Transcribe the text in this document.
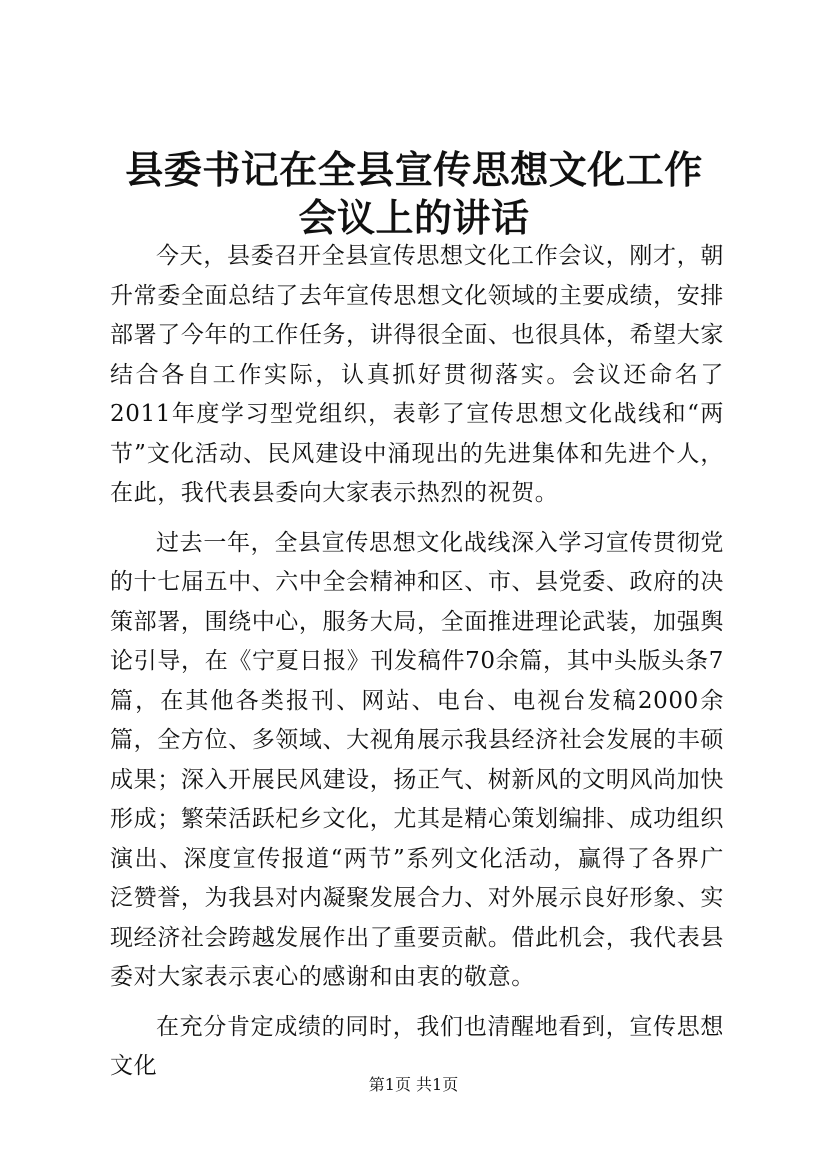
县委书记在全县宣传思想文化工作会议上的讲话

今天，县委召开全县宣传思想文化工作会议，刚才，朝升常委全面总结了去年宣传思想文化领域的主要成绩，安排部署了今年的工作任务，讲得很全面、也很具体，希望大家结合各自工作实际，认真抓好贯彻落实。会议还命名了2011年度学习型党组织，表彰了宣传思想文化战线和“两节”文化活动、民风建设中涌现出的先进集体和先进个人，在此，我代表县委向大家表示热烈的祝贺。

过去一年，全县宣传思想文化战线深入学习宣传贯彻党的十七届五中、六中全会精神和区、市、县党委、政府的决策部署，围绕中心，服务大局，全面推进理论武装，加强舆论引导，在《宁夏日报》刊发稿件70余篇，其中头版头条7篇，在其他各类报刊、网站、电台、电视台发稿2000余篇，全方位、多领域、大视角展示我县经济社会发展的丰硕成果；深入开展民风建设，扬正气、树新风的文明风尚加快形成；繁荣活跃杞乡文化，尤其是精心策划编排、成功组织演出、深度宣传报道“两节”系列文化活动，赢得了各界广泛赞誉，为我县对内凝聚发展合力、对外展示良好形象、实现经济社会跨越发展作出了重要贡献。借此机会，我代表县委对大家表示衷心的感谢和由衷的敬意。

在充分肯定成绩的同时，我们也清醒地看到，宣传思想文化

第1页 共1页
